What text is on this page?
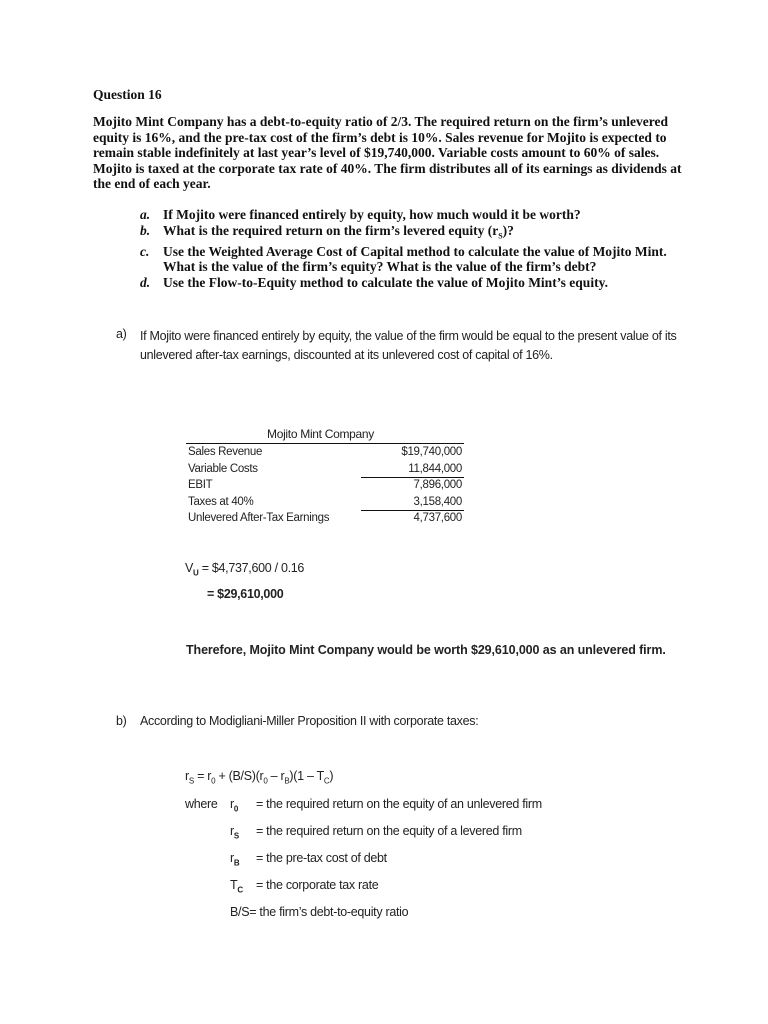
Question 16
Mojito Mint Company has a debt-to-equity ratio of 2/3. The required return on the firm’s unlevered equity is 16%, and the pre-tax cost of the firm’s debt is 10%. Sales revenue for Mojito is expected to remain stable indefinitely at last year’s level of $19,740,000. Variable costs amount to 60% of sales. Mojito is taxed at the corporate tax rate of 40%. The firm distributes all of its earnings as dividends at the end of each year.
a. If Mojito were financed entirely by equity, how much would it be worth?
b. What is the required return on the firm’s levered equity $(r_S)$?
c. Use the Weighted Average Cost of Capital method to calculate the value of Mojito Mint. What is the value of the firm’s equity? What is the value of the firm’s debt?
d. Use the Flow-to-Equity method to calculate the value of Mojito Mint’s equity.
a) If Mojito were financed entirely by equity, the value of the firm would be equal to the present value of its unlevered after-tax earnings, discounted at its unlevered cost of capital of 16%.
Mojito Mint Company
Sales Revenue	$19,740,000
Variable Costs	11,844,000
EBIT	7,896,000
Taxes at 40%	3,158,400
Unlevered After-Tax Earnings	4,737,600
$V_U$ = $4,737,600 / 0.16
= $29,610,000
Therefore, Mojito Mint Company would be worth $29,610,000 as an unlevered firm.
b) According to Modigliani-Miller Proposition II with corporate taxes:
$r_S = r_0 + (B/S)(r_0 - r_B)(1 - T_C)$
where $r_0$ = the required return on the equity of an unlevered firm
$r_S$ = the required return on the equity of a levered firm
$r_B$ = the pre-tax cost of debt
$T_C$ = the corporate tax rate
B/S= the firm’s debt-to-equity ratio
